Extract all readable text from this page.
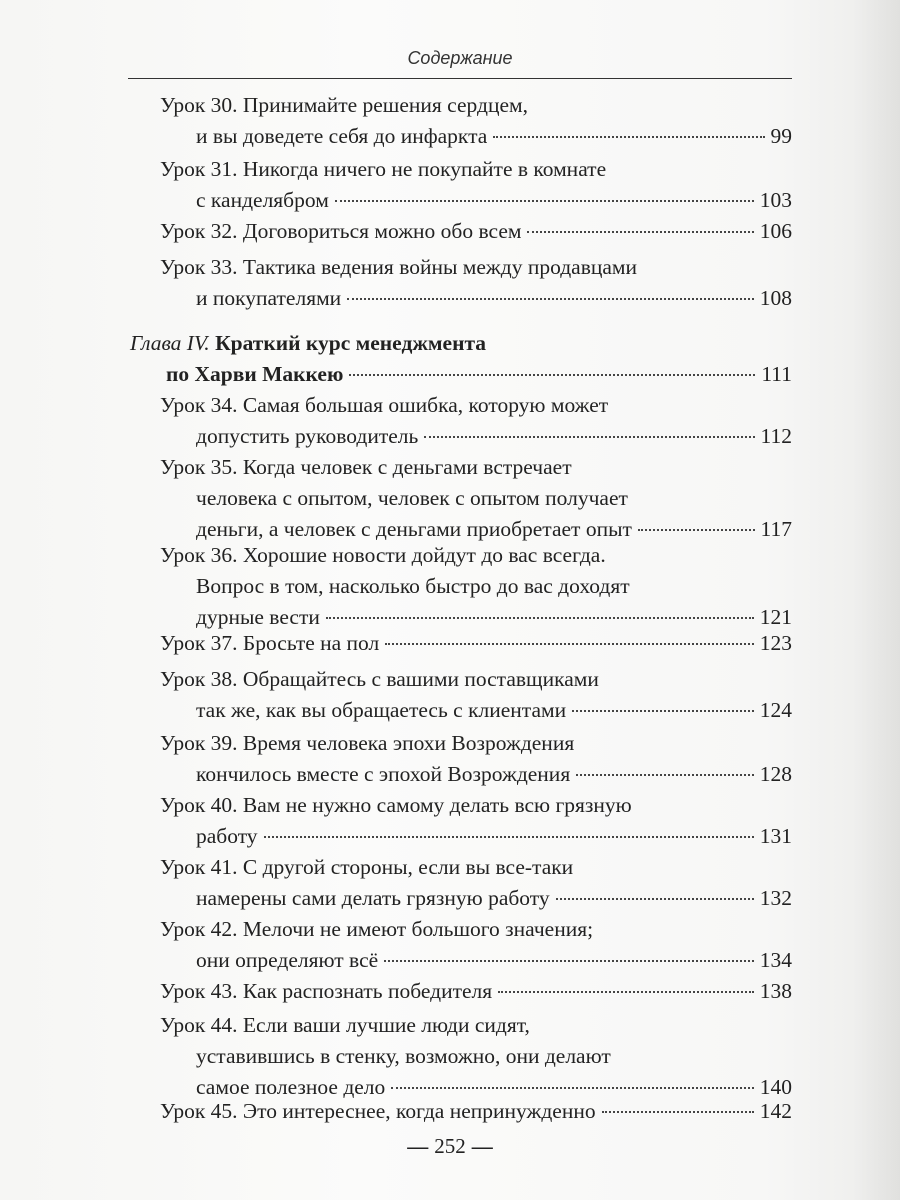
Содержание
Урок 30. Принимайте решения сердцем,
и вы доведете себя до инфаркта	99
Урок 31. Никогда ничего не покупайте в комнате
с канделябром	103
Урок 32. Договориться можно обо всем	106
Урок 33. Тактика ведения войны между продавцами
и покупателями	108
Глава IV.
Краткий курс менеджмента
по Харви Маккею	111
Урок 34. Самая большая ошибка, которую может
допустить руководитель	112
Урок 35. Когда человек с деньгами встречает
человека с опытом, человек с опытом получает
деньги, а человек с деньгами приобретает опыт	117
Урок 36. Хорошие новости дойдут до вас всегда.
Вопрос в том, насколько быстро до вас доходят
дурные вести	121
Урок 37. Бросьте на пол	123
Урок 38. Обращайтесь с вашими поставщиками
так же, как вы обращаетесь с клиентами	124
Урок 39. Время человека эпохи Возрождения
кончилось вместе с эпохой Возрождения	128
Урок 40. Вам не нужно самому делать всю грязную
работу	131
Урок 41. С другой стороны, если вы все-таки
намерены сами делать грязную работу	132
Урок 42. Мелочи не имеют большого значения;
они определяют всё	134
Урок 43. Как распознать победителя	138
Урок 44. Если ваши лучшие люди сидят,
уставившись в стенку, возможно, они делают
самое полезное дело	140
Урок 45. Это интереснее, когда непринужденно	142
— 252 —
